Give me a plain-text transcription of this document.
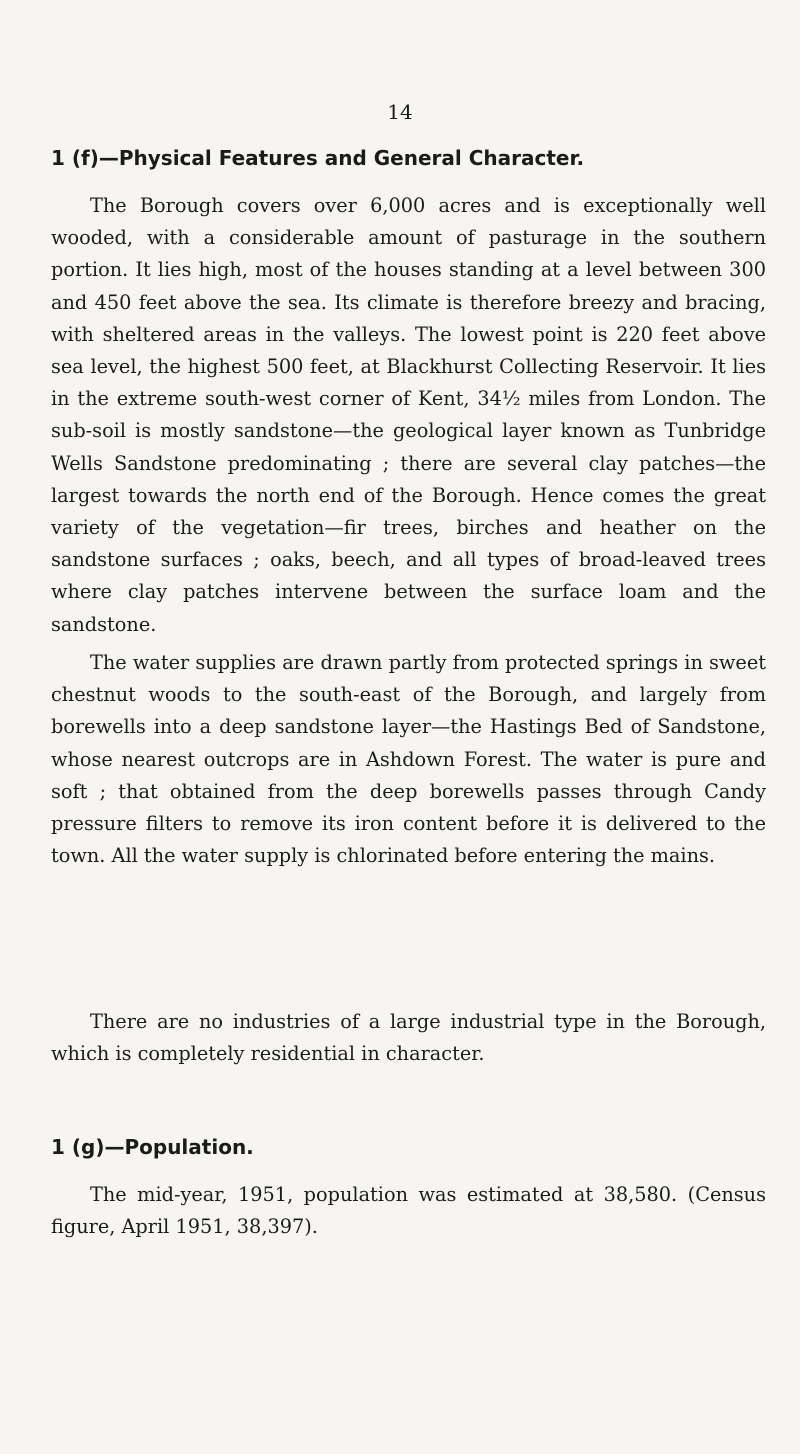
14
1 (f)—Physical Features and General Character.

The Borough covers over 6,000 acres and is exceptionally well wooded, with a considerable amount of pasturage in the southern portion. It lies high, most of the houses standing at a level between 300 and 450 feet above the sea. Its climate is therefore breezy and bracing, with sheltered areas in the valleys. The lowest point is 220 feet above sea level, the highest 500 feet, at Blackhurst Collecting Reservoir. It lies in the extreme south-west corner of Kent, 34½ miles from London. The sub-soil is mostly sandstone—the geological layer known as Tunbridge Wells Sandstone predominating ; there are several clay patches—the largest towards the north end of the Borough. Hence comes the great variety of the vegetation—fir trees, birches and heather on the sandstone surfaces ; oaks, beech, and all types of broad-leaved trees where clay patches intervene between the surface loam and the sandstone.

The water supplies are drawn partly from protected springs in sweet chestnut woods to the south-east of the Borough, and largely from borewells into a deep sandstone layer—the Hastings Bed of Sandstone, whose nearest outcrops are in Ashdown Forest. The water is pure and soft ; that obtained from the deep borewells passes through Candy pressure filters to remove its iron content before it is delivered to the town. All the water supply is chlorinated before entering the mains.

There are no industries of a large industrial type in the Borough, which is completely residential in character.

1 (g)—Population.

The mid-year, 1951, population was estimated at 38,580. (Census figure, April 1951, 38,397).
